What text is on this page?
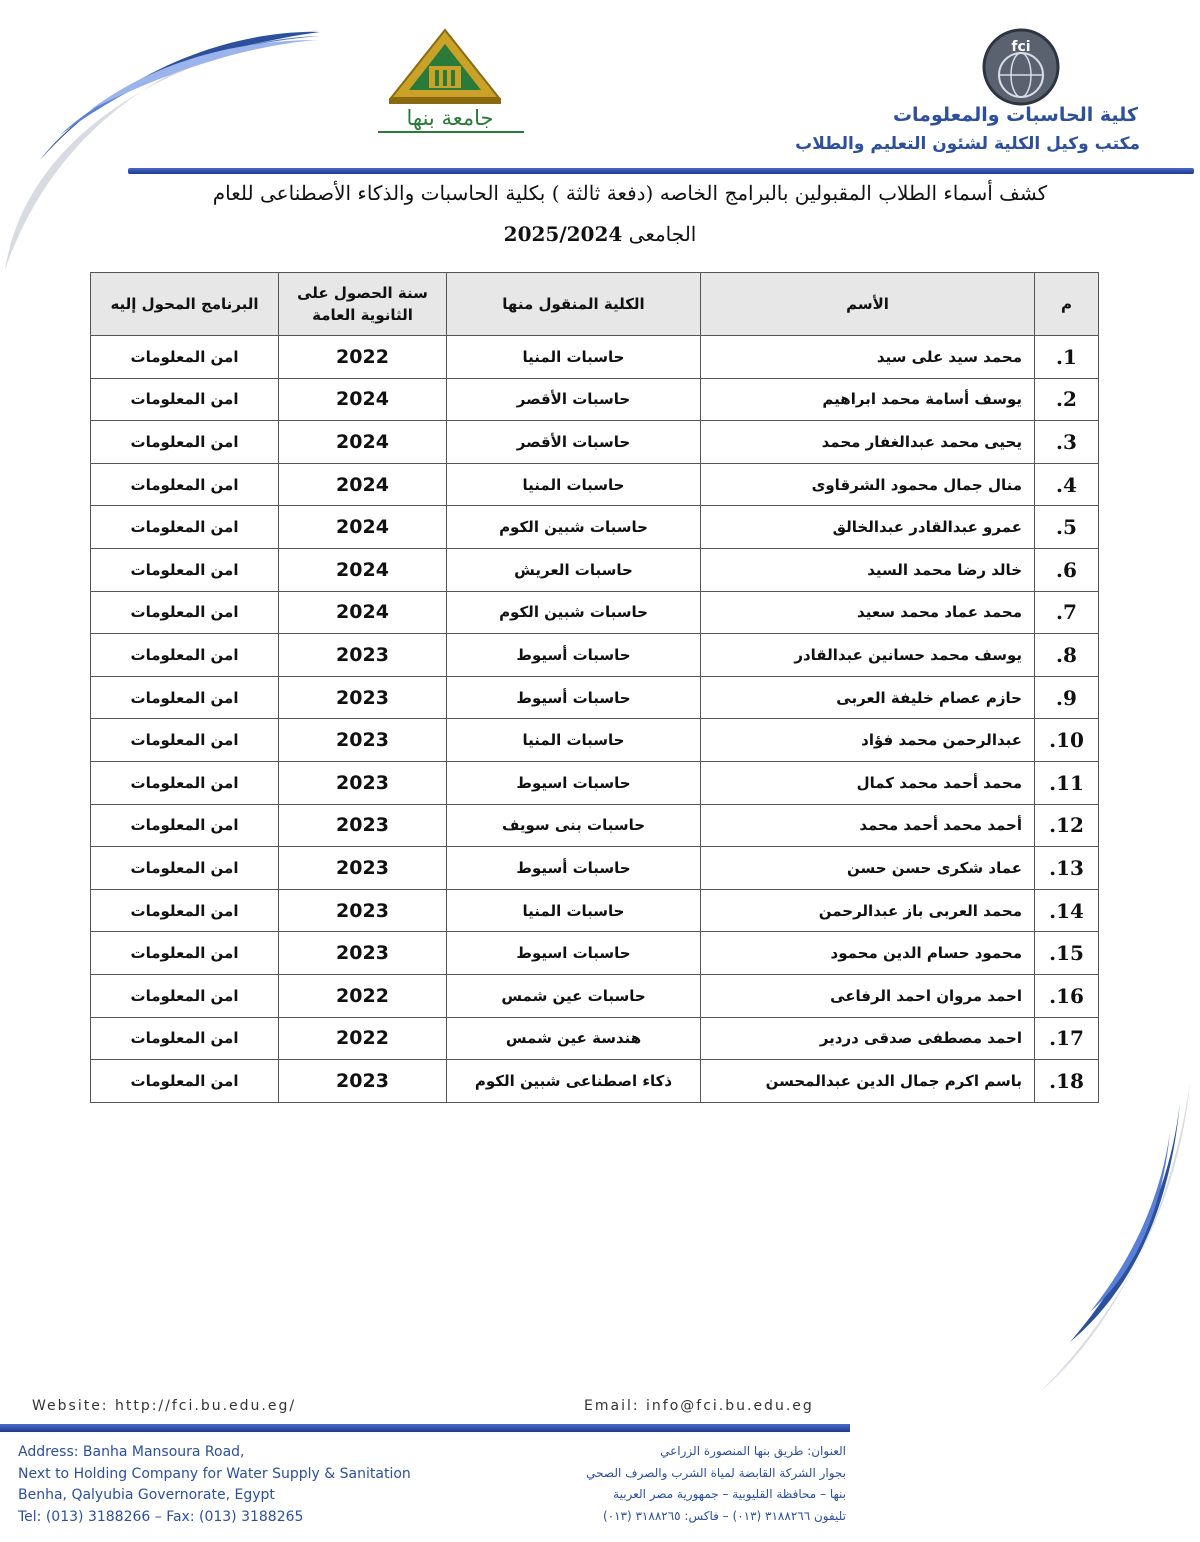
جامعة بنها
fci
كلية الحاسبات والمعلومات
مكتب وكيل الكلية لشئون التعليم والطلاب
كشف أسماء الطلاب المقبولين بالبرامج الخاصه (دفعة ثالثة ) بكلية الحاسبات والذكاء الأصطناعى للعام
الجامعى 2025/2024
م	الأسم	الكلية المنقول منها	سنة الحصول على الثانوية العامة	البرنامج المحول إليه
1.	محمد سيد على سيد	حاسبات المنيا	2022	امن المعلومات
2.	يوسف أسامة محمد ابراهيم	حاسبات الأقصر	2024	امن المعلومات
3.	يحيى محمد عبدالغفار محمد	حاسبات الأقصر	2024	امن المعلومات
4.	منال جمال محمود الشرقاوى	حاسبات المنيا	2024	امن المعلومات
5.	عمرو عبدالقادر عبدالخالق	حاسبات شبين الكوم	2024	امن المعلومات
6.	خالد رضا محمد السيد	حاسبات العريش	2024	امن المعلومات
7.	محمد عماد محمد سعيد	حاسبات شبين الكوم	2024	امن المعلومات
8.	يوسف محمد حسانين عبدالقادر	حاسبات أسيوط	2023	امن المعلومات
9.	حازم عصام خليفة العربى	حاسبات أسيوط	2023	امن المعلومات
10.	عبدالرحمن محمد فؤاد	حاسبات المنيا	2023	امن المعلومات
11.	محمد أحمد محمد كمال	حاسبات اسيوط	2023	امن المعلومات
12.	أحمد محمد أحمد محمد	حاسبات بنى سويف	2023	امن المعلومات
13.	عماد شكرى حسن حسن	حاسبات أسيوط	2023	امن المعلومات
14.	محمد العربى باز عبدالرحمن	حاسبات المنيا	2023	امن المعلومات
15.	محمود حسام الدين محمود	حاسبات اسيوط	2023	امن المعلومات
16.	احمد مروان احمد الرفاعى	حاسبات عين شمس	2022	امن المعلومات
17.	احمد مصطفى صدقى دردير	هندسة عين شمس	2022	امن المعلومات
18.	باسم اكرم جمال الدين عبدالمحسن	ذكاء اصطناعى شبين الكوم	2023	امن المعلومات
Website: http://fci.bu.edu.eg/	Email: info@fci.bu.edu.eg
Address: Banha Mansoura Road,
Next to Holding Company for Water Supply & Sanitation
Benha, Qalyubia Governorate, Egypt
Tel: (013) 3188266 – Fax: (013) 3188265
العنوان: طريق بنها المنصورة الزراعي
بجوار الشركة القابضة لمياة الشرب والصرف الصحي
بنها – محافظة القليوبية – جمهورية مصر العربية
تليفون ٣١٨٨٢٦٦ (٠١٣) – فاكس: ٣١٨٨٢٦٥ (٠١٣)
